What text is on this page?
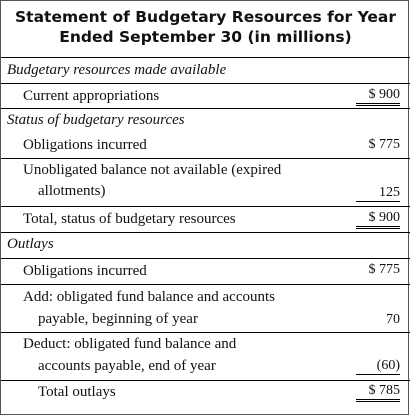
Statement of Budgetary Resources for Year
Ended September 30 (in millions)
Budgetary resources made available
Current appropriations	$ 900
Status of budgetary resources
Obligations incurred	$ 775
Unobligated balance not available (expired
allotments)	125
Total, status of budgetary resources	$ 900
Outlays
Obligations incurred	$ 775
Add: obligated fund balance and accounts
payable, beginning of year	70
Deduct: obligated fund balance and
accounts payable, end of year	(60)
Total outlays	$ 785
